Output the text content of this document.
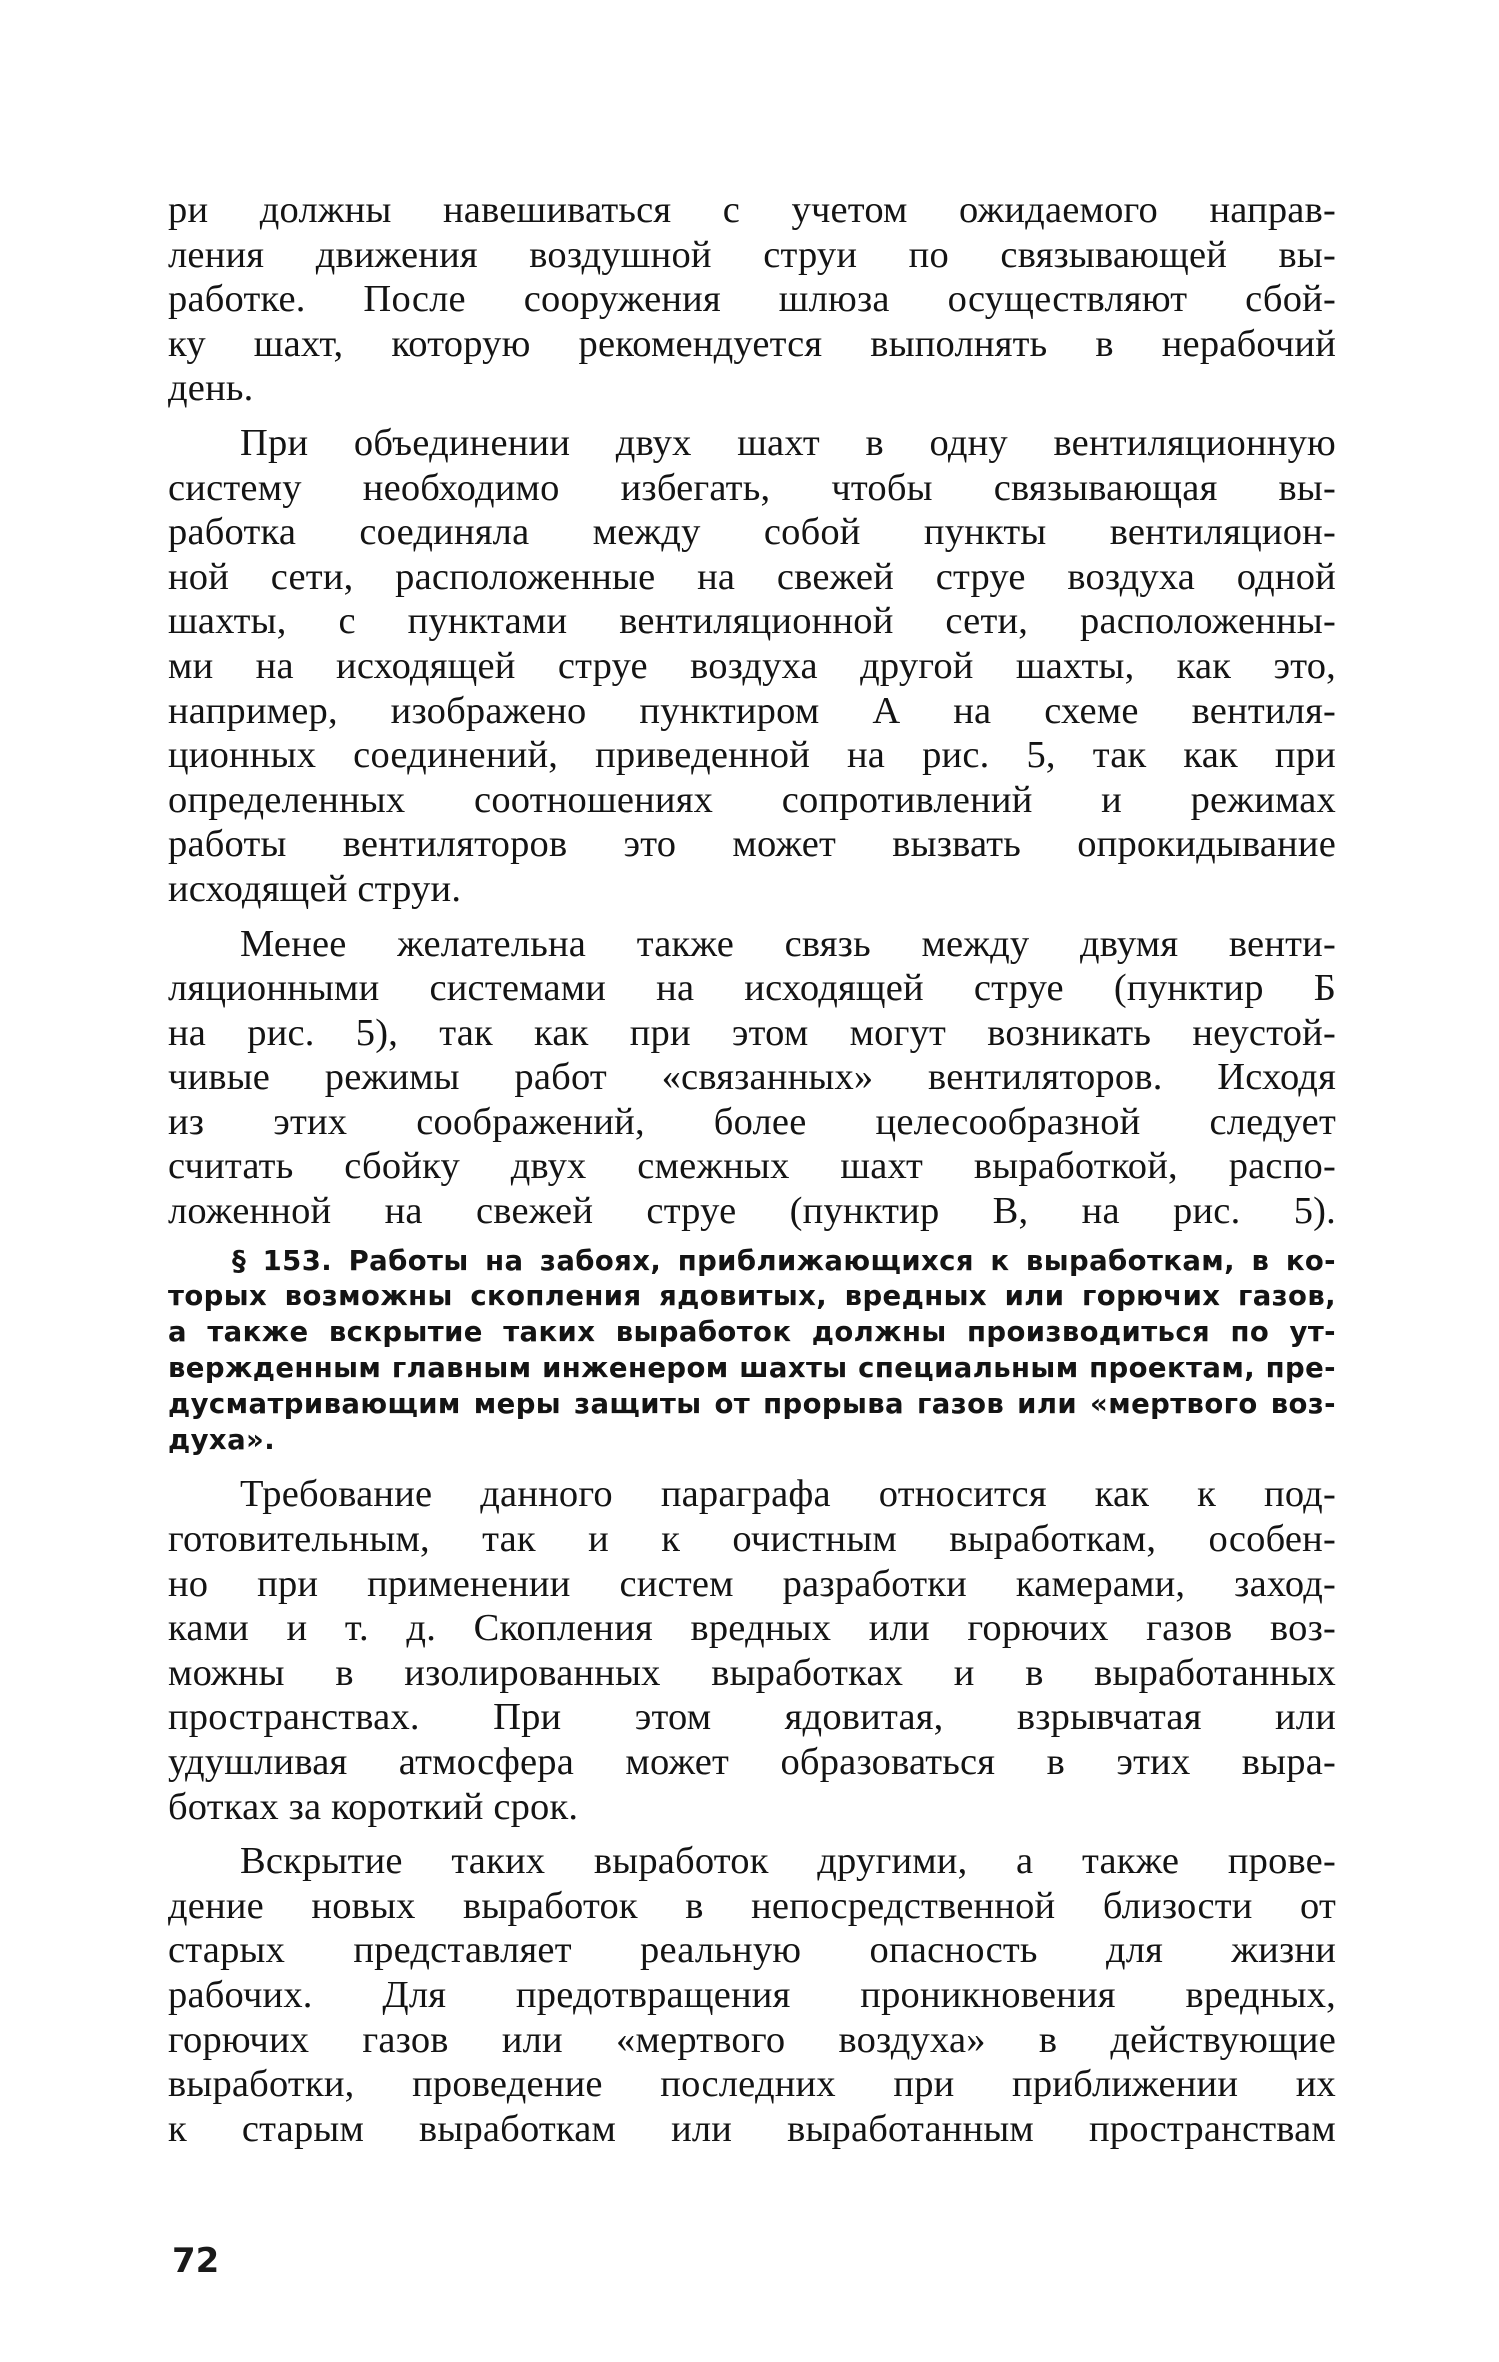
ри должны навешиваться с учетом ожидаемого направ-
ления движения воздушной струи по связывающей вы-
работке. После сооружения шлюза осуществляют сбой-
ку шахт, которую рекомендуется выполнять в нерабочий
день.

При объединении двух шахт в одну вентиляционную
систему необходимо избегать, чтобы связывающая вы-
работка соединяла между собой пункты вентиляцион-
ной сети, расположенные на свежей струе воздуха одной
шахты, с пунктами вентиляционной сети, расположенны-
ми на исходящей струе воздуха другой шахты, как это,
например, изображено пунктиром А на схеме вентиля-
ционных соединений, приведенной на рис. 5, так как при
определенных соотношениях сопротивлений и режимах
работы вентиляторов это может вызвать опрокидывание
исходящей струи.

Менее желательна также связь между двумя венти-
ляционными системами на исходящей струе (пунктир Б
на рис. 5), так как при этом могут возникать неустой-
чивые режимы работ «связанных» вентиляторов. Исходя
из этих соображений, более целесообразной следует
считать сбойку двух смежных шахт выработкой, распо-
ложенной на свежей струе (пунктир В, на рис. 5).

§ 153. Работы на забоях, приближающихся к выработкам, в ко-
торых возможны скопления ядовитых, вредных или горючих газов,
а также вскрытие таких выработок должны производиться по ут-
вержденным главным инженером шахты специальным проектам, пре-
дусматривающим меры защиты от прорыва газов или «мертвого воз-
духа».

Требование данного параграфа относится как к под-
готовительным, так и к очистным выработкам, особен-
но при применении систем разработки камерами, заход-
ками и т. д. Скопления вредных или горючих газов воз-
можны в изолированных выработках и в выработанных
пространствах. При этом ядовитая, взрывчатая или
удушливая атмосфера может образоваться в этих выра-
ботках за короткий срок.

Вскрытие таких выработок другими, а также прове-
дение новых выработок в непосредственной близости от
старых представляет реальную опасность для жизни
рабочих. Для предотвращения проникновения вредных,
горючих газов или «мертвого воздуха» в действующие
выработки, проведение последних при приближении их
к старым выработкам или выработанным пространствам

72
